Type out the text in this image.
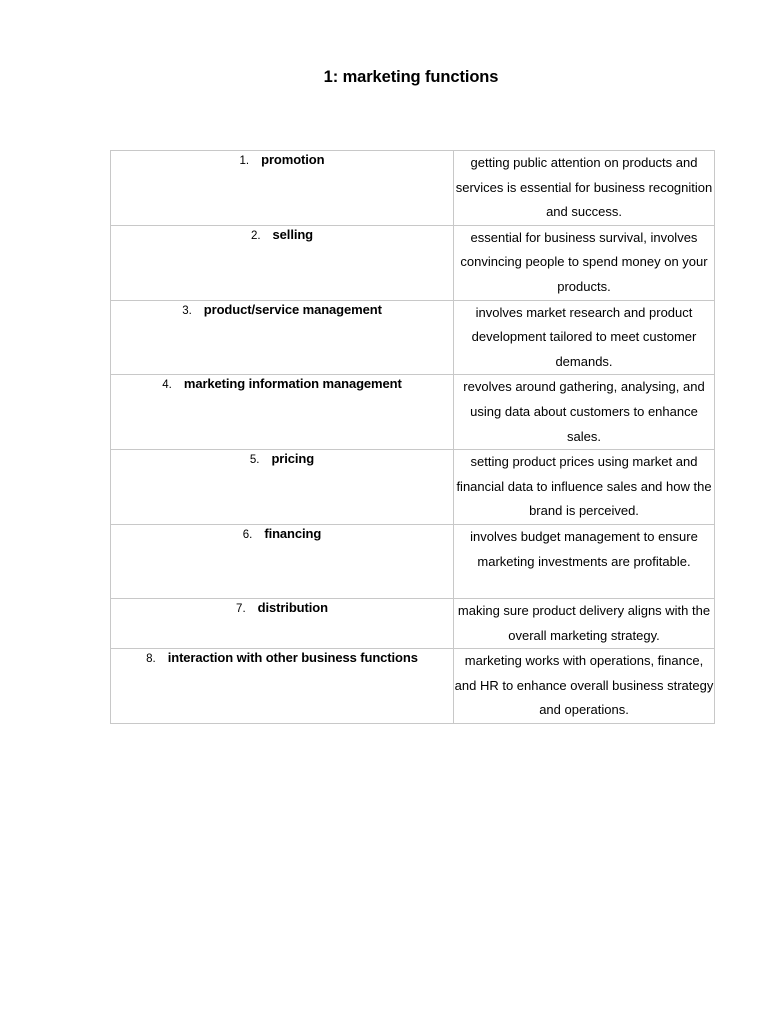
1: marketing functions
1. promotion	getting public attention on products and services is essential for business recognition and success.
2. selling	essential for business survival, involves convincing people to spend money on your products.
3. product/service management	involves market research and product development tailored to meet customer demands.
4. marketing information management	revolves around gathering, analysing, and using data about customers to enhance sales.
5. pricing	setting product prices using market and financial data to influence sales and how the brand is perceived.
6. financing	involves budget management to ensure marketing investments are profitable.
7. distribution	making sure product delivery aligns with the overall marketing strategy.
8. interaction with other business functions	marketing works with operations, finance, and HR to enhance overall business strategy and operations.
